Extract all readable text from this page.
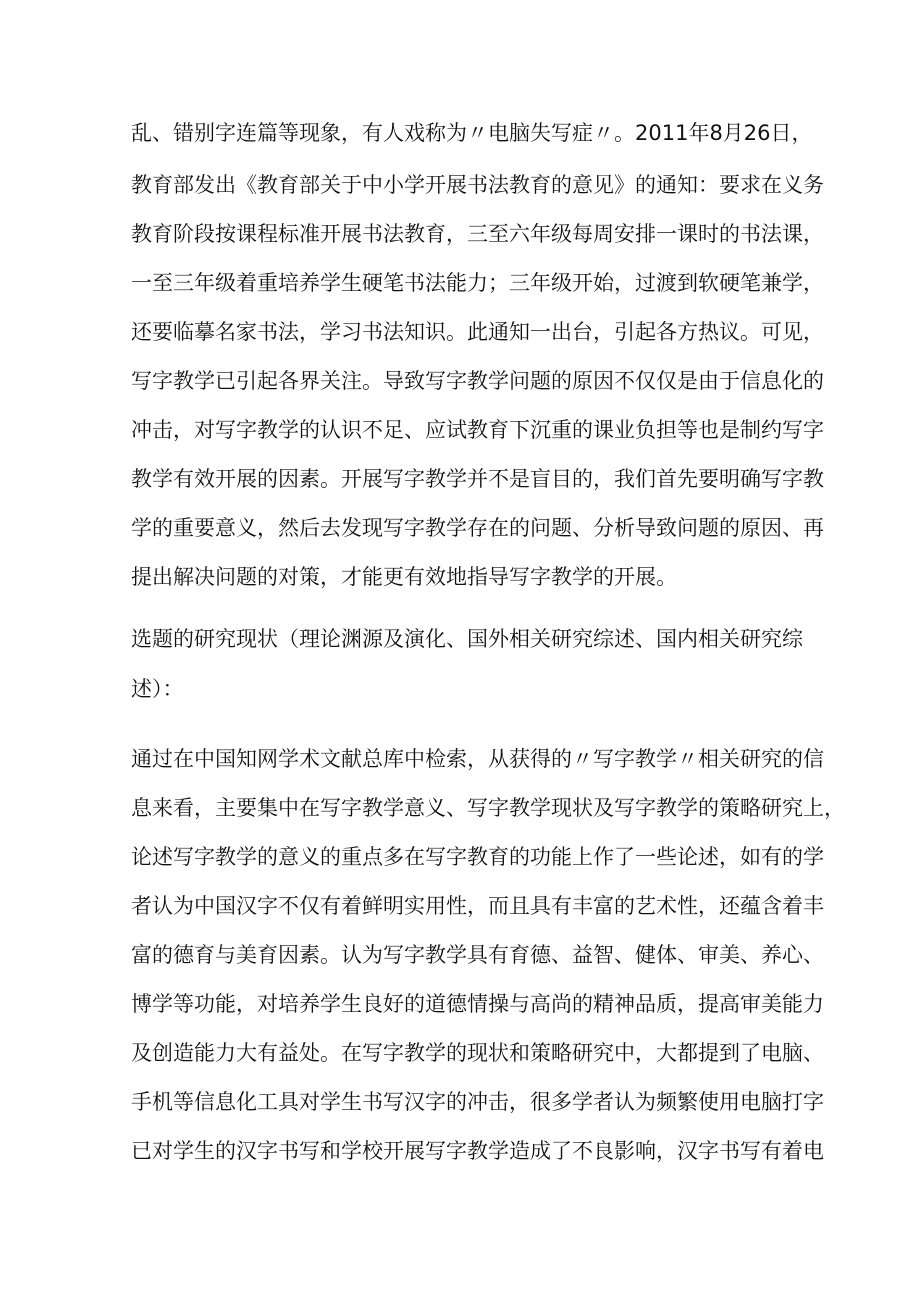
乱、错别字连篇等现象，有人戏称为〃电脑失写症〃。2011年8月26日，
教育部发出《教育部关于中小学开展书法教育的意见》的通知：要求在义务
教育阶段按课程标准开展书法教育，三至六年级每周安排一课时的书法课，
一至三年级着重培养学生硬笔书法能力；三年级开始，过渡到软硬笔兼学，
还要临摹名家书法，学习书法知识。此通知一出台，引起各方热议。可见，
写字教学已引起各界关注。导致写字教学问题的原因不仅仅是由于信息化的
冲击，对写字教学的认识不足、应试教育下沉重的课业负担等也是制约写字
教学有效开展的因素。开展写字教学并不是盲目的，我们首先要明确写字教
学的重要意义，然后去发现写字教学存在的问题、分析导致问题的原因、再
提出解决问题的对策，才能更有效地指导写字教学的开展。
选题的研究现状（理论渊源及演化、国外相关研究综述、国内相关研究综
述）：
通过在中国知网学术文献总库中检索，从获得的〃写字教学〃相关研究的信
息来看，主要集中在写字教学意义、写字教学现状及写字教学的策略研究上，
论述写字教学的意义的重点多在写字教育的功能上作了一些论述，如有的学
者认为中国汉字不仅有着鲜明实用性，而且具有丰富的艺术性，还蕴含着丰
富的德育与美育因素。认为写字教学具有育德、益智、健体、审美、养心、
博学等功能，对培养学生良好的道德情操与高尚的精神品质，提高审美能力
及创造能力大有益处。在写字教学的现状和策略研究中，大都提到了电脑、
手机等信息化工具对学生书写汉字的冲击，很多学者认为频繁使用电脑打字
已对学生的汉字书写和学校开展写字教学造成了不良影响，汉字书写有着电
